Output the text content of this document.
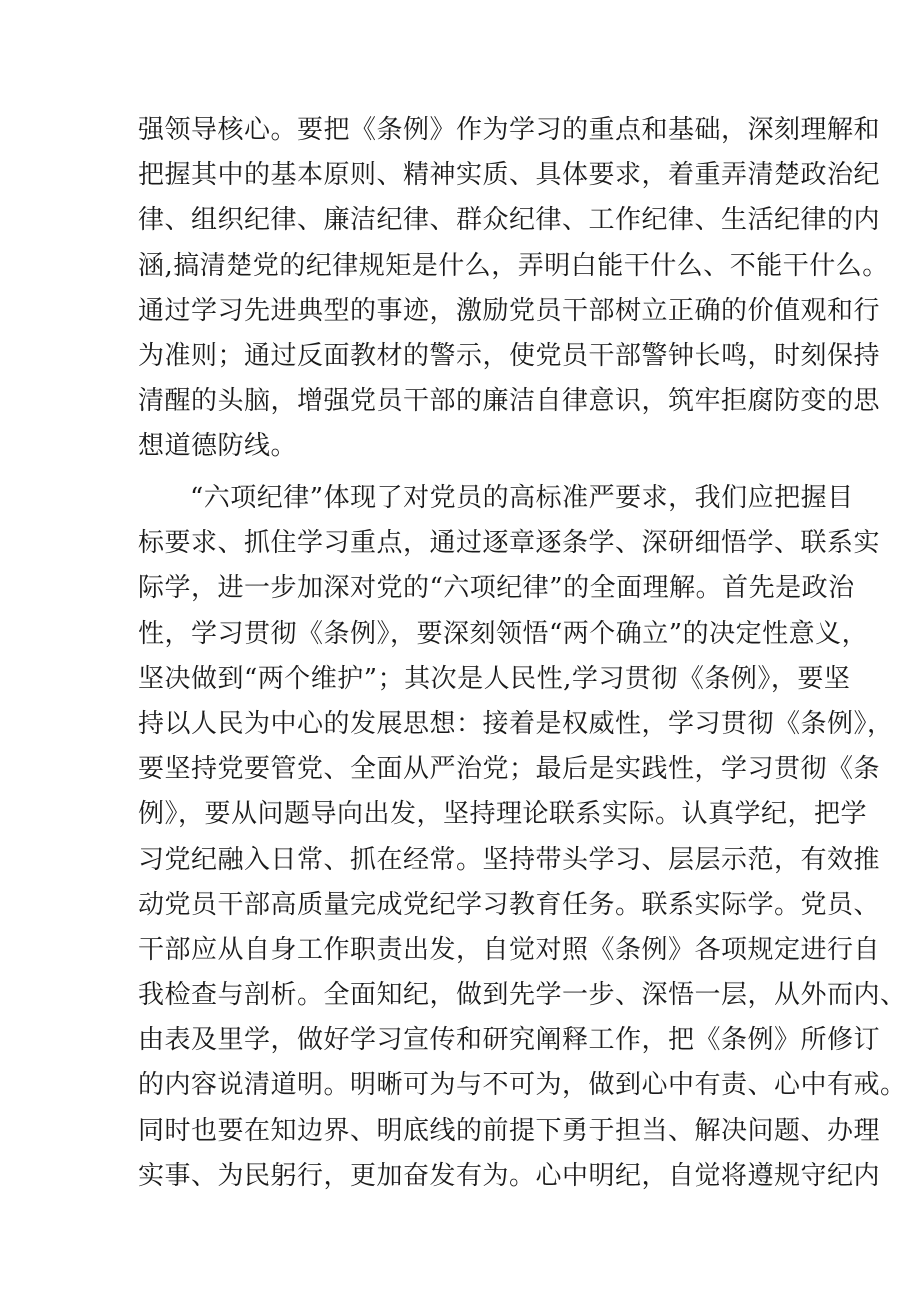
强领导核心。要把《条例》作为学习的重点和基础，深刻理解和
把握其中的基本原则、精神实质、具体要求，着重弄清楚政治纪
律、组织纪律、廉洁纪律、群众纪律、工作纪律、生活纪律的内
涵,搞清楚党的纪律规矩是什么，弄明白能干什么、不能干什么。
通过学习先进典型的事迹，激励党员干部树立正确的价值观和行
为准则；通过反面教材的警示，使党员干部警钟长鸣，时刻保持
清醒的头脑，增强党员干部的廉洁自律意识，筑牢拒腐防变的思
想道德防线。
“六项纪律”体现了对党员的高标准严要求，我们应把握目
标要求、抓住学习重点，通过逐章逐条学、深研细悟学、联系实
际学，进一步加深对党的“六项纪律”的全面理解。首先是政治
性，学习贯彻《条例》，要深刻领悟“两个确立”的决定性意义，
坚决做到“两个维护”；其次是人民性,学习贯彻《条例》，要坚
持以人民为中心的发展思想：接着是权威性，学习贯彻《条例》，
要坚持党要管党、全面从严治党；最后是实践性，学习贯彻《条
例》，要从问题导向出发，坚持理论联系实际。认真学纪，把学
习党纪融入日常、抓在经常。坚持带头学习、层层示范，有效推
动党员干部高质量完成党纪学习教育任务。联系实际学。党员、
干部应从自身工作职责出发，自觉对照《条例》各项规定进行自
我检查与剖析。全面知纪，做到先学一步、深悟一层，从外而内、
由表及里学，做好学习宣传和研究阐释工作，把《条例》所修订
的内容说清道明。明晰可为与不可为，做到心中有责、心中有戒。
同时也要在知边界、明底线的前提下勇于担当、解决问题、办理
实事、为民躬行，更加奋发有为。心中明纪，自觉将遵规守纪内
